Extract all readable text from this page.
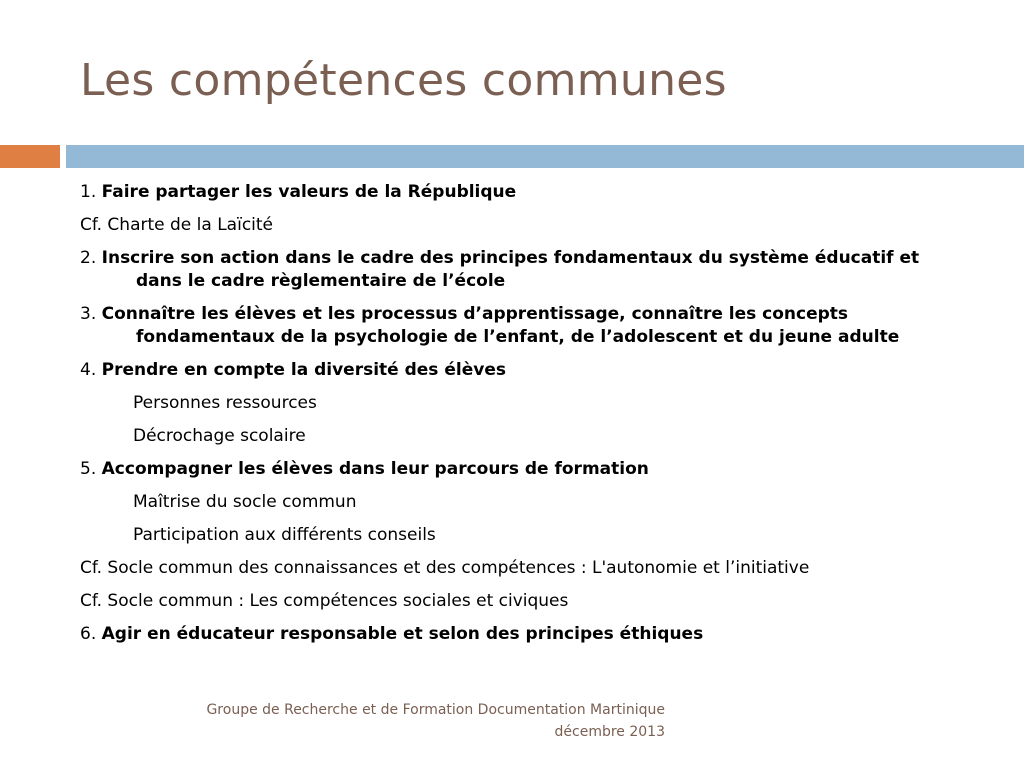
Les compétences communes
1. Faire partager les valeurs de la République
Cf. Charte de la Laïcité
2. Inscrire son action dans le cadre des principes fondamentaux du système éducatif et
dans le cadre règlementaire de l’école
3. Connaître les élèves et les processus d’apprentissage, connaître les concepts
fondamentaux de la psychologie de l’enfant, de l’adolescent et du jeune adulte
4. Prendre en compte la diversité des élèves
Personnes ressources
Décrochage scolaire
5. Accompagner les élèves dans leur parcours de formation
Maîtrise du socle commun
Participation aux différents conseils
Cf. Socle commun des connaissances et des compétences : L'autonomie et l’initiative
Cf. Socle commun : Les compétences sociales et civiques
6. Agir en éducateur responsable et selon des principes éthiques
Groupe de Recherche et de Formation Documentation Martinique
décembre 2013
